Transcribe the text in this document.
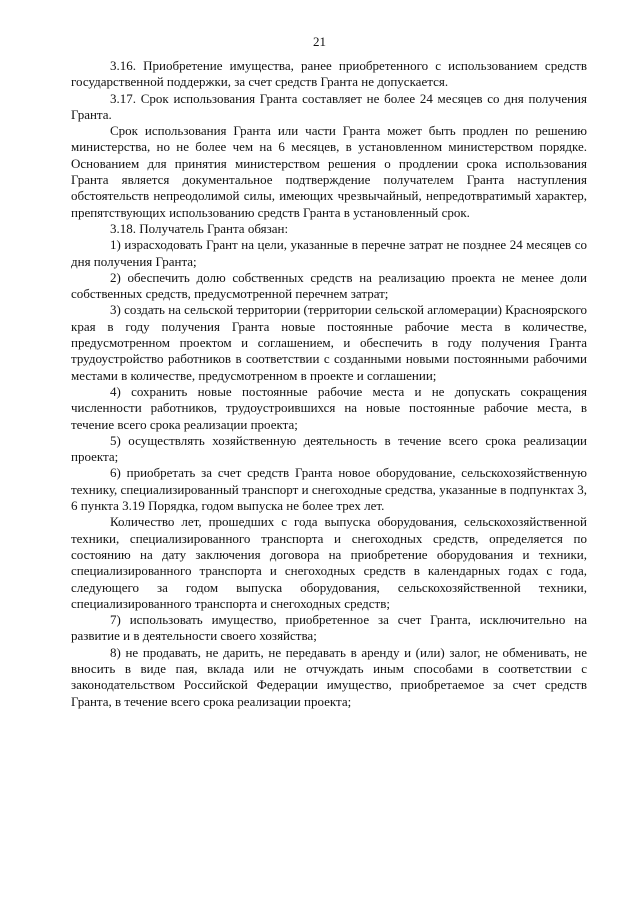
21

3.16. Приобретение имущества, ранее приобретенного с использованием средств государственной поддержки, за счет средств Гранта не допускается.

3.17. Срок использования Гранта составляет не более 24 месяцев со дня получения Гранта.

Срок использования Гранта или части Гранта может быть продлен по решению министерства, но не более чем на 6 месяцев, в установленном министерством порядке. Основанием для принятия министерством решения о продлении срока использования Гранта является документальное подтверждение получателем Гранта наступления обстоятельств непреодолимой силы, имеющих чрезвычайный, непредотвратимый характер, препятствующих использованию средств Гранта в установленный срок.

3.18. Получатель Гранта обязан:

1) израсходовать Грант на цели, указанные в перечне затрат не позднее 24 месяцев со дня получения Гранта;

2) обеспечить долю собственных средств на реализацию проекта не менее доли собственных средств, предусмотренной перечнем затрат;

3) создать на сельской территории (территории сельской агломерации) Красноярского края в году получения Гранта новые постоянные рабочие места в количестве, предусмотренном проектом и соглашением, и обеспечить в году получения Гранта трудоустройство работников в соответствии с созданными новыми постоянными рабочими местами в количестве, предусмотренном в проекте и соглашении;

4) сохранить новые постоянные рабочие места и не допускать сокращения численности работников, трудоустроившихся на новые постоянные рабочие места, в течение всего срока реализации проекта;

5) осуществлять хозяйственную деятельность в течение всего срока реализации проекта;

6) приобретать за счет средств Гранта новое оборудование, сельскохозяйственную технику, специализированный транспорт и снегоходные средства, указанные в подпунктах 3, 6 пункта 3.19 Порядка, годом выпуска не более трех лет.

Количество лет, прошедших с года выпуска оборудования, сельскохозяйственной техники, специализированного транспорта и снегоходных средств, определяется по состоянию на дату заключения договора на приобретение оборудования и техники, специализированного транспорта и снегоходных средств в календарных годах с года, следующего за годом выпуска оборудования, сельскохозяйственной техники, специализированного транспорта и снегоходных средств;

7) использовать имущество, приобретенное за счет Гранта, исключительно на развитие и в деятельности своего хозяйства;

8) не продавать, не дарить, не передавать в аренду и (или) залог, не обменивать, не вносить в виде пая, вклада или не отчуждать иным способами в соответствии с законодательством Российской Федерации имущество, приобретаемое за счет средств Гранта, в течение всего срока реализации проекта;
